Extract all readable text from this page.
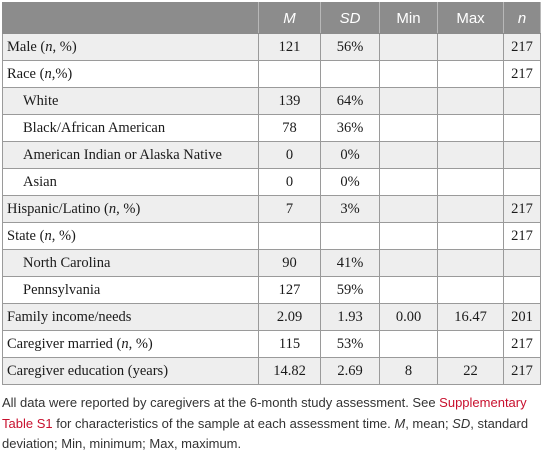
	M	SD	Min	Max	n
Male (n, %)	121	56%			217
Race (n,%)					217
White	139	64%			
Black/African American	78	36%			
American Indian or Alaska Native	0	0%			
Asian	0	0%			
Hispanic/Latino (n, %)	7	3%			217
State (n, %)					217
North Carolina	90	41%			
Pennsylvania	127	59%			
Family income/needs	2.09	1.93	0.00	16.47	201
Caregiver married (n, %)	115	53%			217
Caregiver education (years)	14.82	2.69	8	22	217
All data were reported by caregivers at the 6-month study assessment. See Supplementary Table S1 for characteristics of the sample at each assessment time. M, mean; SD, standard deviation; Min, minimum; Max, maximum.
